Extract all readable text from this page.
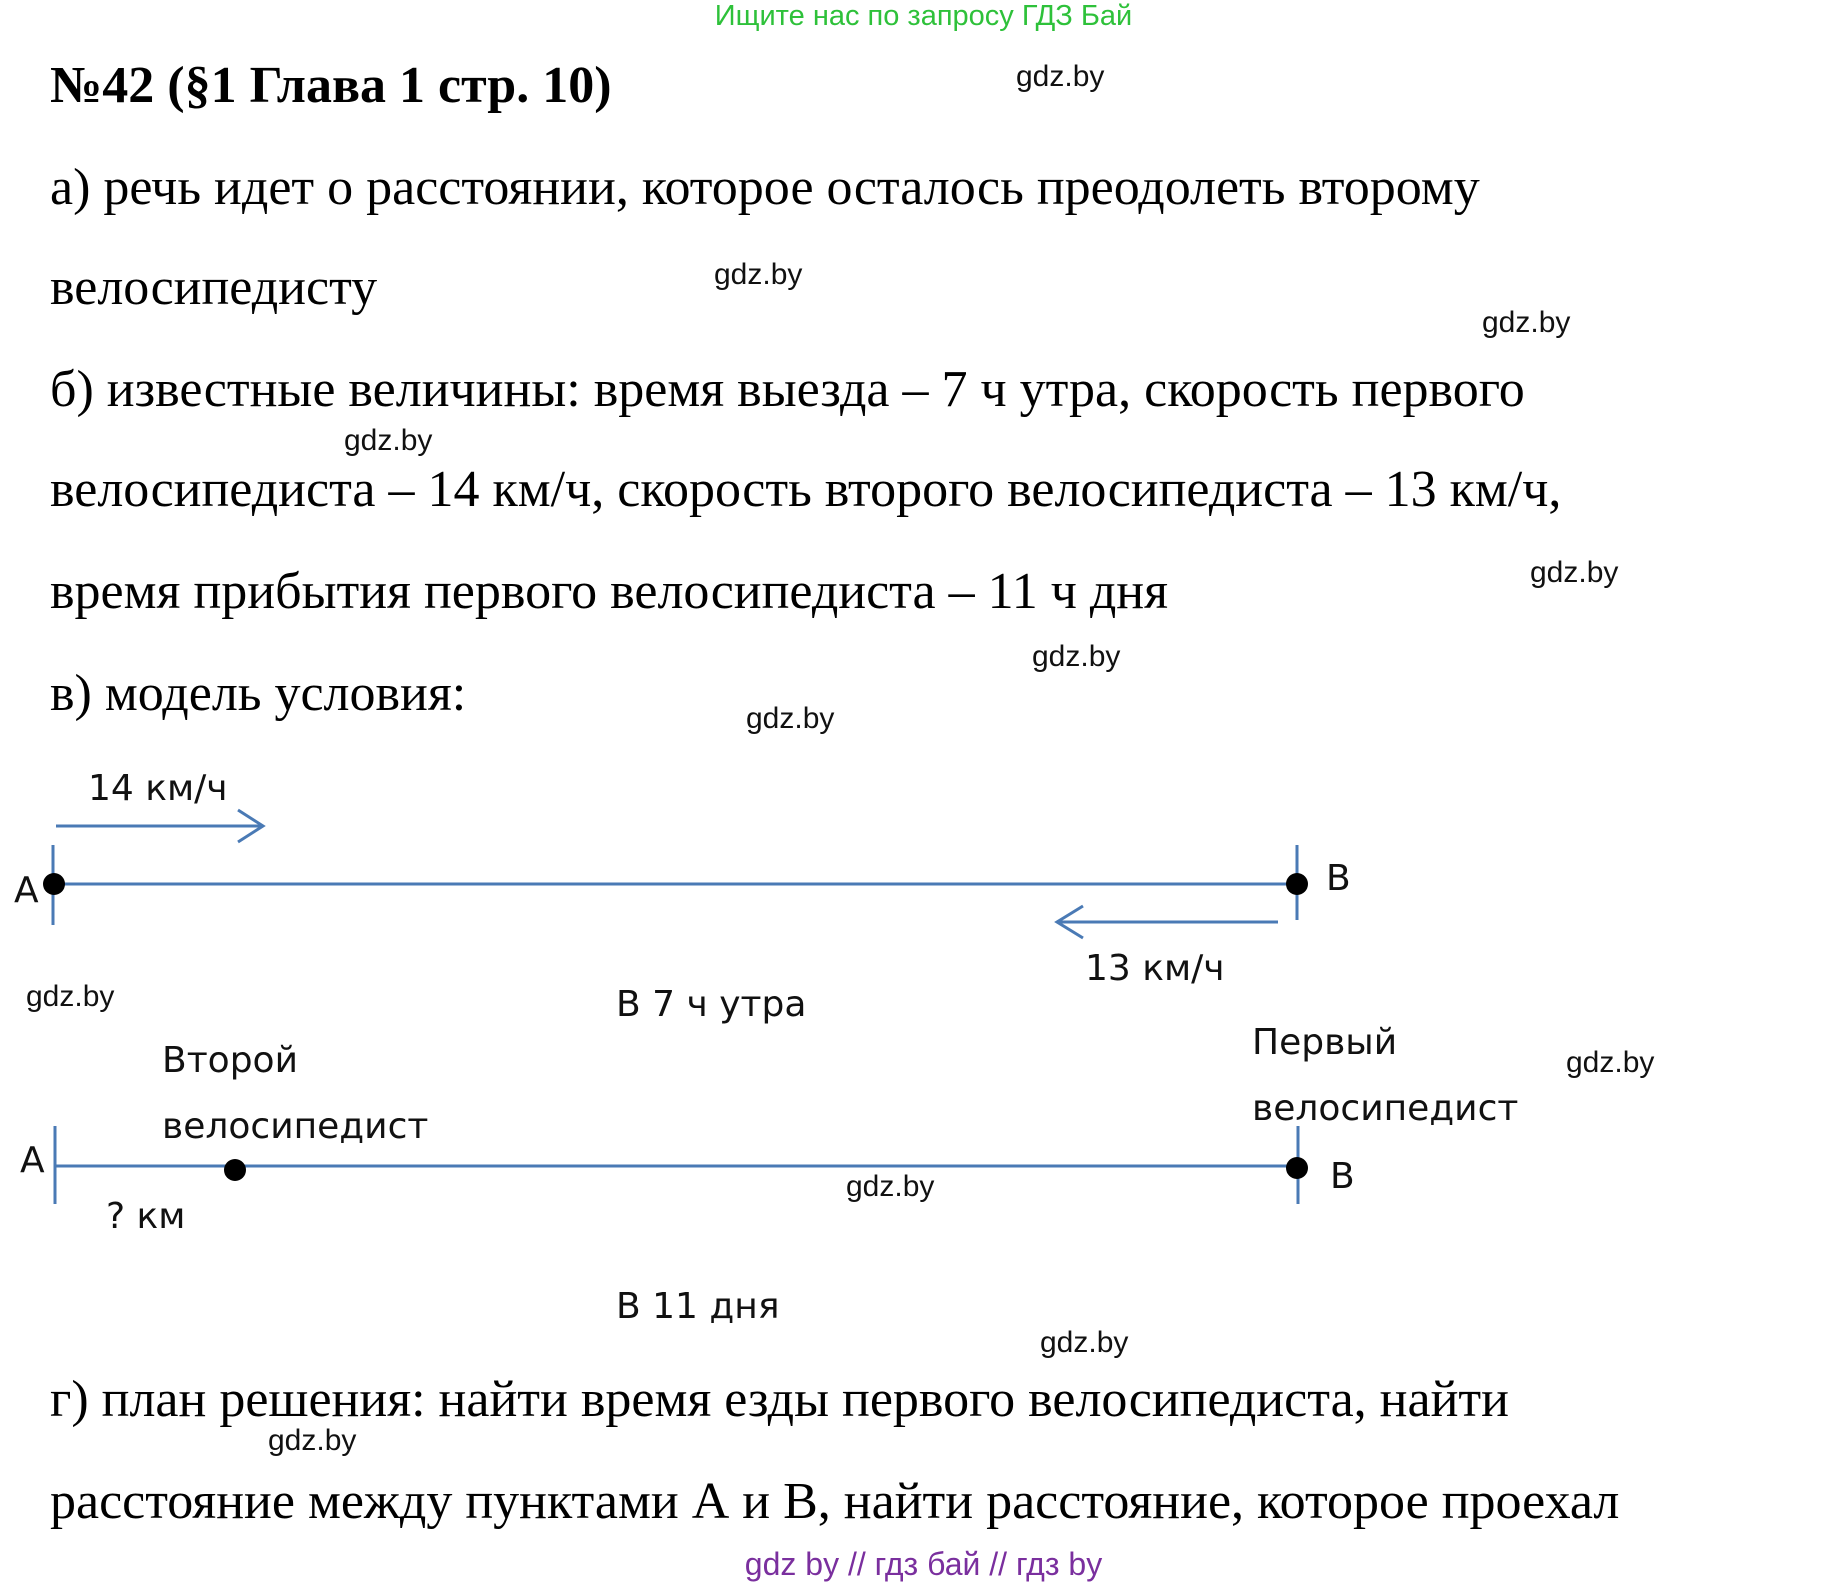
Ищите нас по запросу ГДЗ Бай
№42 (§1 Глава 1 стр. 10)
а) речь идет о расстоянии, которое осталось преодолеть второму
велосипедисту
б) известные величины: время выезда – 7 ч утра, скорость первого
велосипедиста – 14 км/ч, скорость второго велосипедиста – 13 км/ч,
время прибытия первого велосипедиста – 11 ч дня
в) модель условия:
г) план решения: найти время езды первого велосипедиста, найти
расстояние между пунктами А и В, найти расстояние, которое проехал
14 км/ч
А	В
13 км/ч
В 7 ч утра
Второй
велосипедист
Первый
велосипедист
А	В
? км
В 11 дня
gdz.by
gdz.by
gdz.by
gdz.by
gdz.by
gdz.by
gdz.by
gdz.by
gdz.by
gdz.by
gdz.by
gdz.by
gdz by // гдз бай // гдз by
